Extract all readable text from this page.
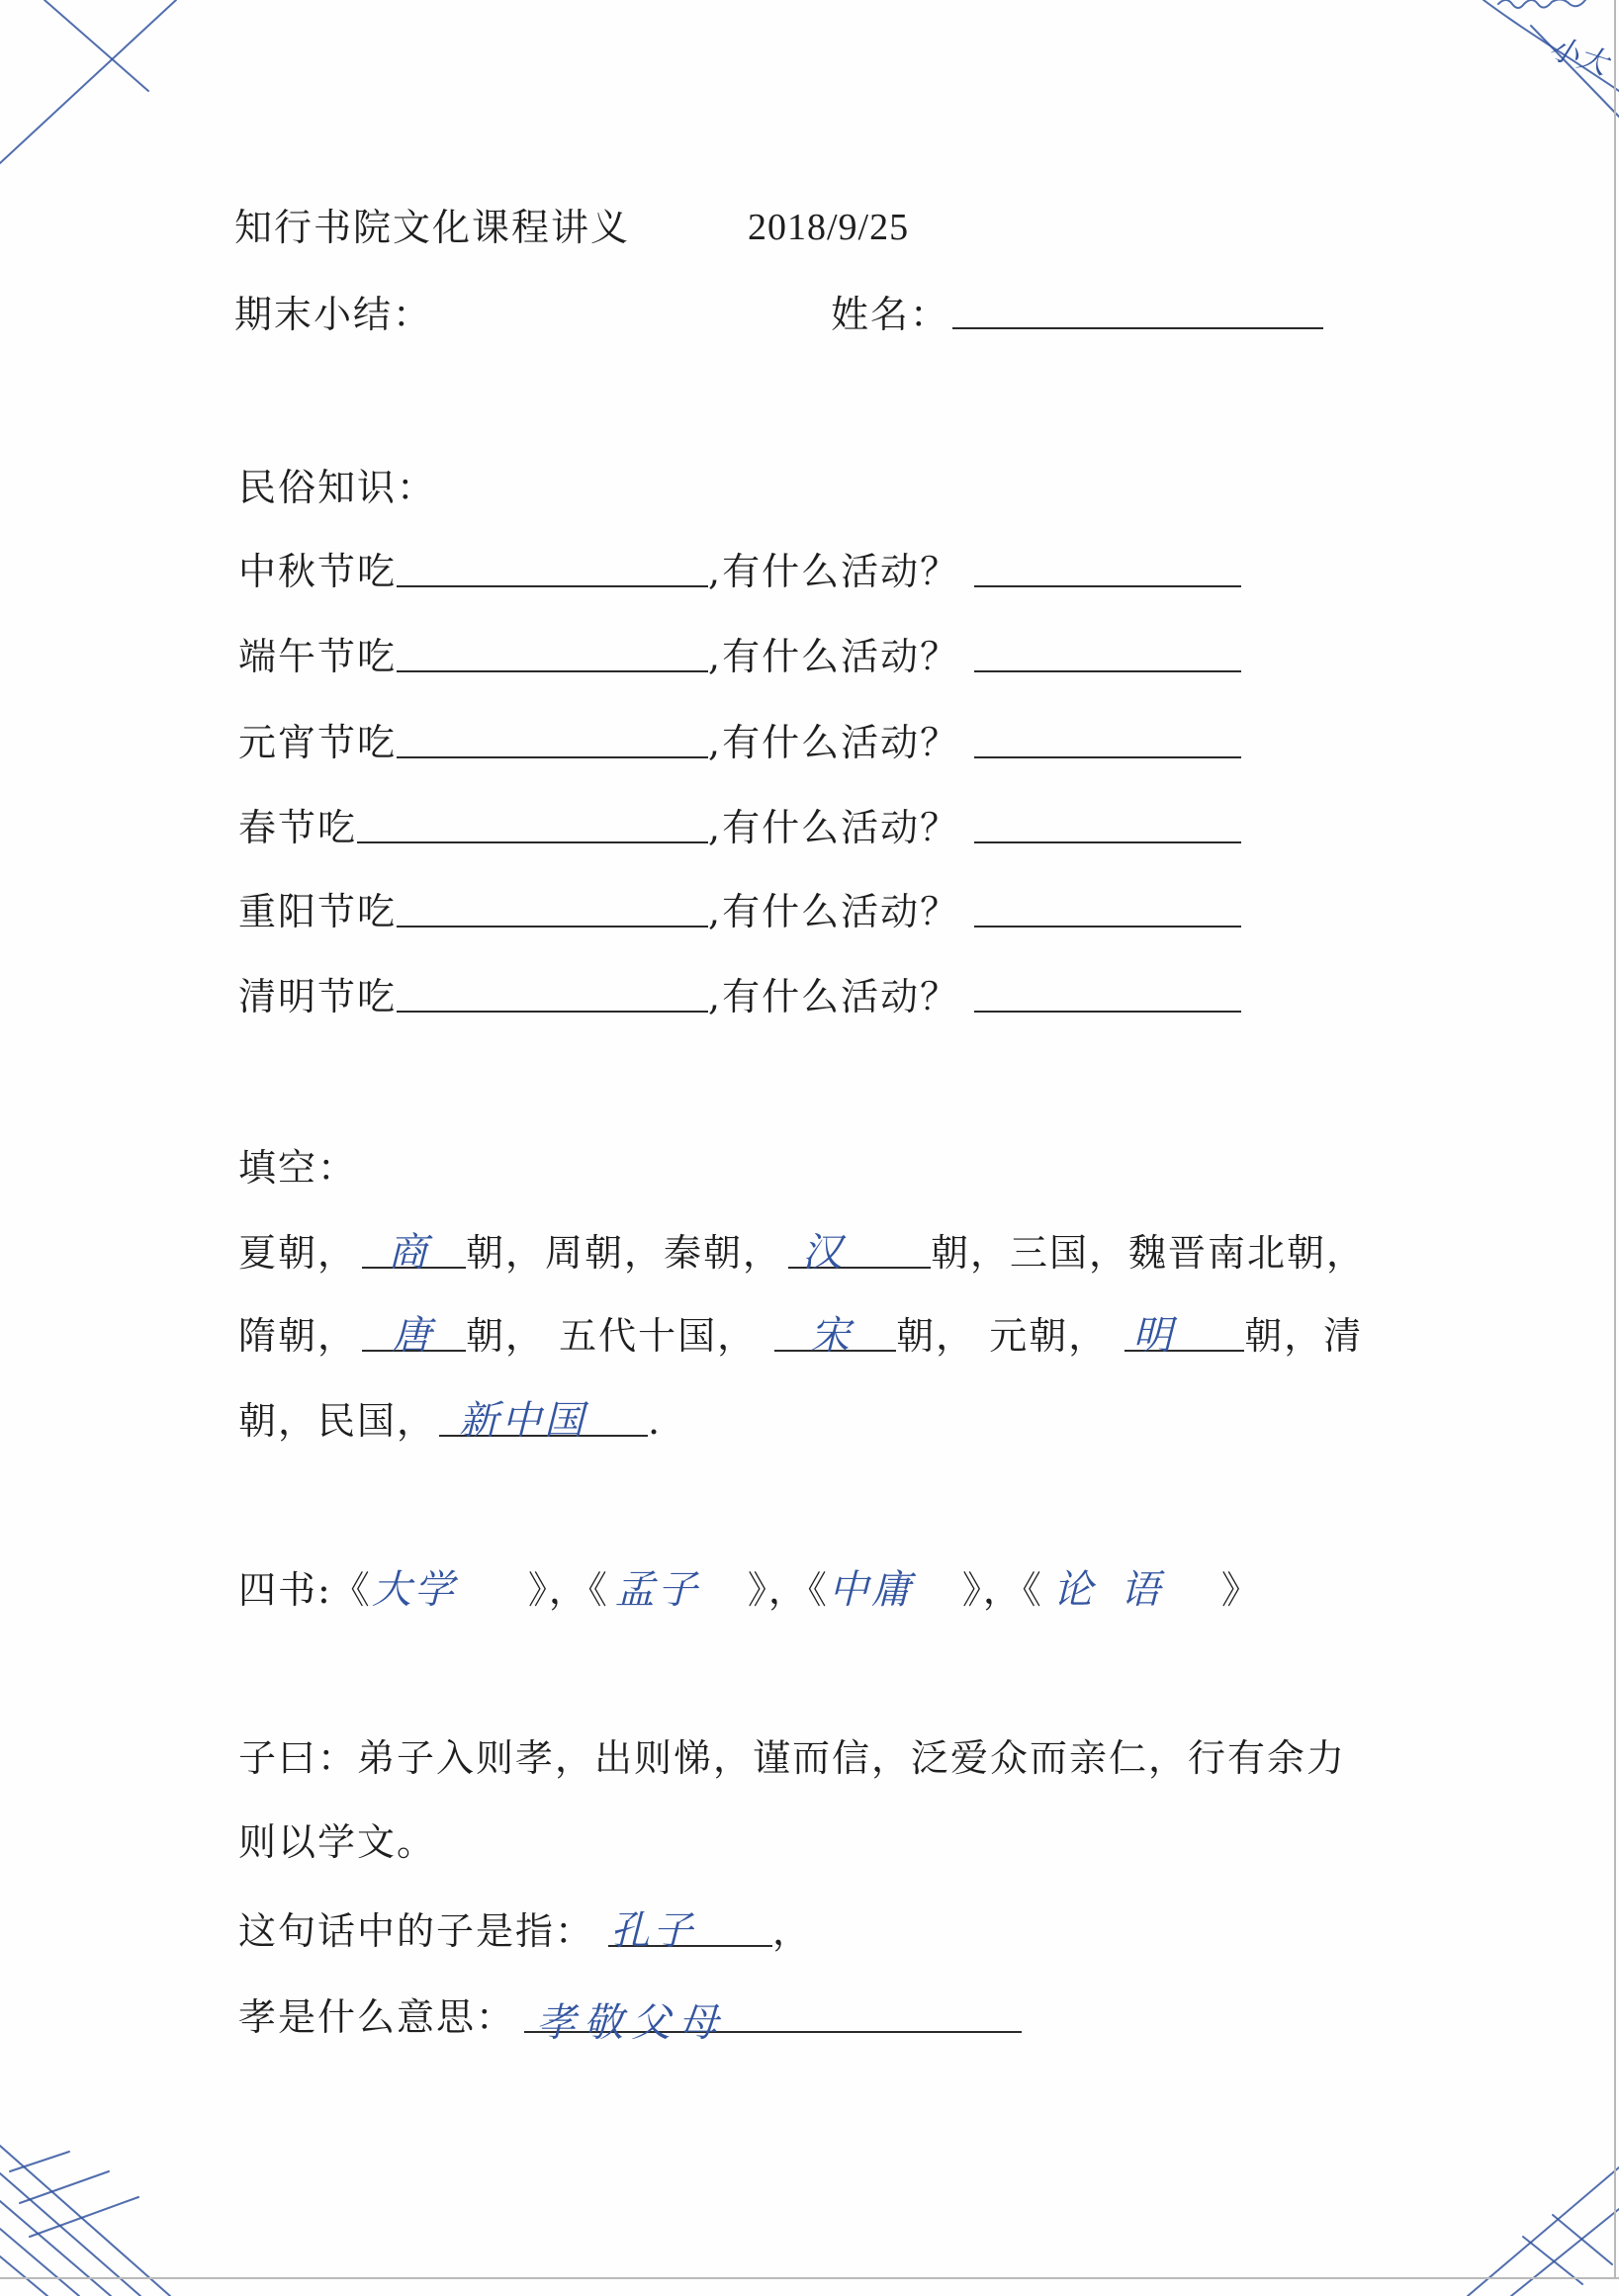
小大
知行书院文化课程讲义	2018/9/25
期末小结：	姓名：
民俗知识：
中秋节吃	,有什么活动？
端午节吃	,有什么活动？
元宵节吃	,有什么活动？
春节吃	,有什么活动？
重阳节吃	,有什么活动？
清明节吃	,有什么活动？
填空：
夏朝， 商 朝，周朝，秦朝， 汉 朝，三国，魏晋南北朝，
隋朝， 唐 朝， 五代十国， 宋 朝， 元朝， 明 朝，清
朝，民国， 新中国 .
四书:《 大学 》，《 孟子 》，《 中庸 》，《 论语 》
子曰：弟子入则孝，出则悌，谨而信，泛爱众而亲仁，行有余力
则以学文。
这句话中的子是指： 孔子 ，
孝是什么意思： 孝敬父母
